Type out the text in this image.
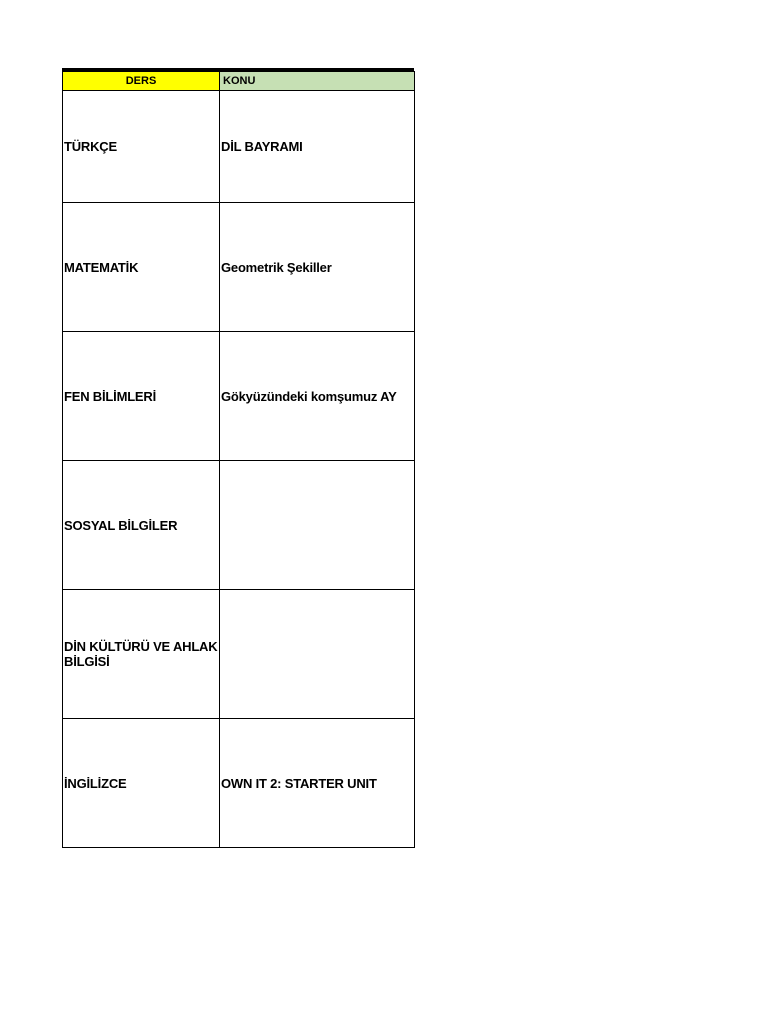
DERS	KONU
TÜRKÇE	DİL BAYRAMI
MATEMATİK	Geometrik Şekiller
FEN BİLİMLERİ	Gökyüzündeki komşumuz AY
SOSYAL BİLGİLER	
DİN KÜLTÜRÜ VE AHLAK BİLGİSİ	
İNGİLİZCE	OWN IT 2: STARTER UNIT
